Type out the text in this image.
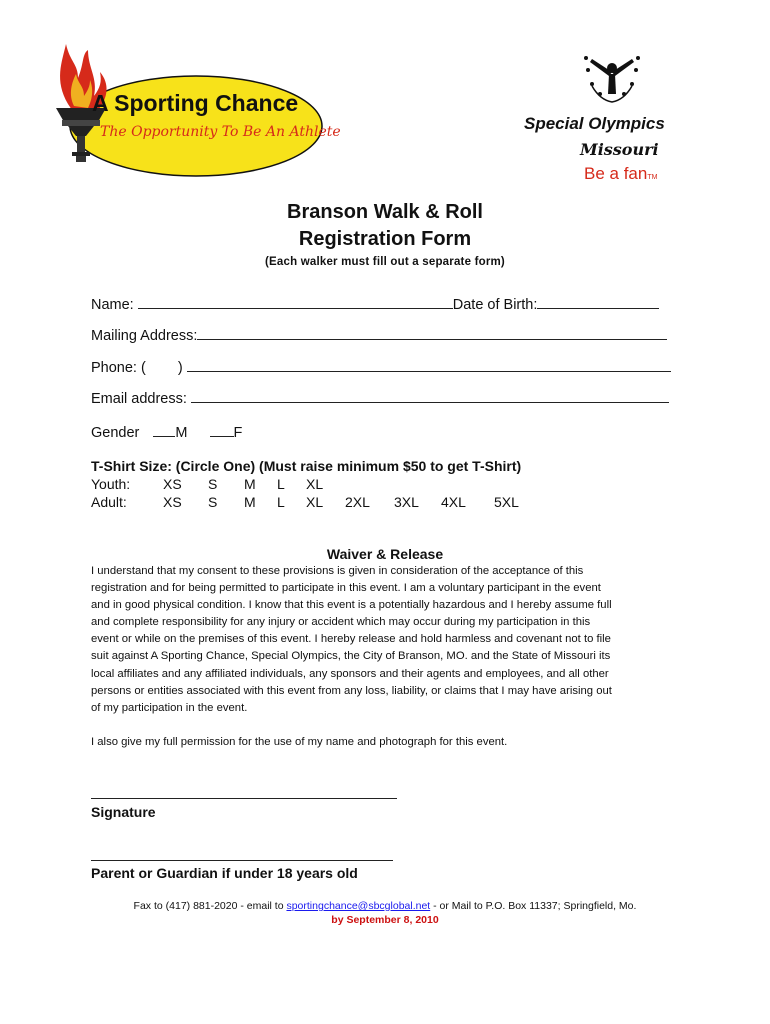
A Sporting Chance
The Opportunity To Be An Athlete	Special Olympics
Missouri
Be a fanTM
Branson Walk & Roll
Registration Form
(Each walker must fill out a separate form)
Name:	Date of Birth:
Mailing Address:
Phone: ( )
Email address:
Gender M	F
T-Shirt Size: (Circle One) (Must raise minimum $50 to get T-Shirt)
Youth: XS S M L XL
Adult:	XS S M L XL 2XL 3XL 4XL 5XL
Waiver & Release
I understand that my consent to these provisions is given in consideration of the acceptance of this
registration and for being permitted to participate in this event. I am a voluntary participant in the event
and in good physical condition. I know that this event is a potentially hazardous and I hereby assume full
and complete responsibility for any injury or accident which may occur during my participation in this
event or while on the premises of this event. I hereby release and hold harmless and covenant not to file
suit against A Sporting Chance, Special Olympics, the City of Branson, MO. and the State of Missouri its
local affiliates and any affiliated individuals, any sponsors and their agents and employees, and all other
persons or entities associated with this event from any loss, liability, or claims that I may have arising out
of my participation in the event.
I also give my full permission for the use of my name and photograph for this event.
Signature
Parent or Guardian if under 18 years old
Fax to (417) 881-2020 - email to sportingchance@sbcglobal.net - or Mail to P.O. Box 11337; Springfield, Mo.
by September 8, 2010
